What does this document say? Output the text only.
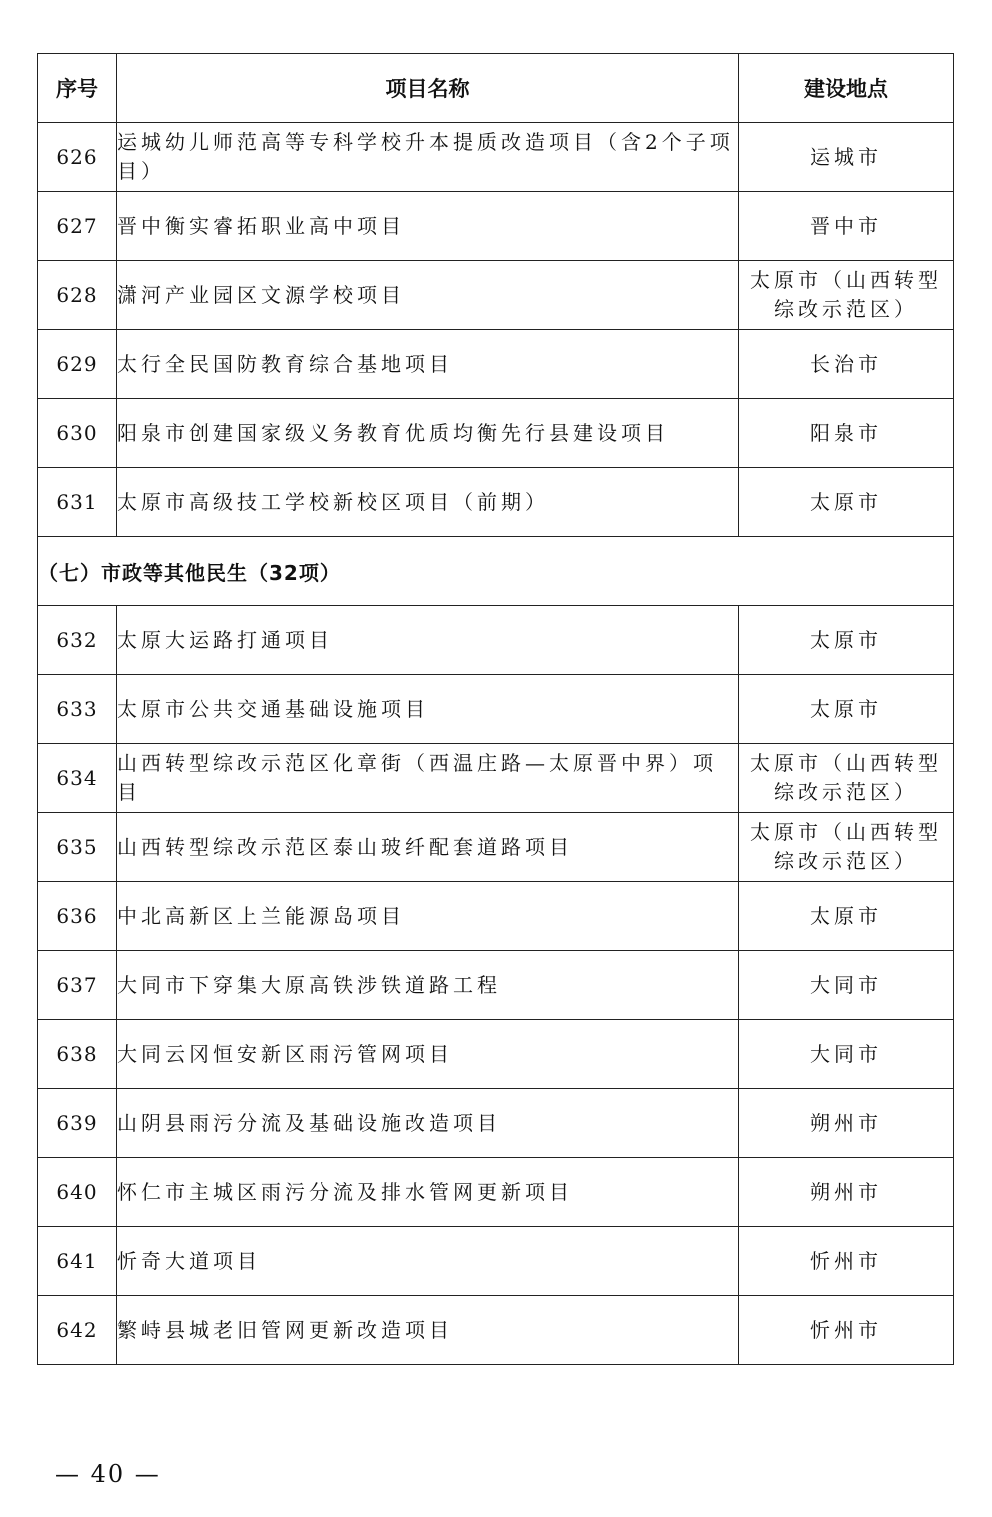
序号	项目名称	建设地点
626	运城幼儿师范高等专科学校升本提质改造项目（含2个子项目）	运城市
627	晋中衡实睿拓职业高中项目	晋中市
628	潇河产业园区文源学校项目	太原市（山西转型综改示范区）
629	太行全民国防教育综合基地项目	长治市
630	阳泉市创建国家级义务教育优质均衡先行县建设项目	阳泉市
631	太原市高级技工学校新校区项目（前期）	太原市
（七）市政等其他民生（32项）		
632	太原大运路打通项目	太原市
633	太原市公共交通基础设施项目	太原市
634	山西转型综改示范区化章街（西温庄路—太原晋中界）项目	太原市（山西转型综改示范区）
635	山西转型综改示范区泰山玻纤配套道路项目	太原市（山西转型综改示范区）
636	中北高新区上兰能源岛项目	太原市
637	大同市下穿集大原高铁涉铁道路工程	大同市
638	大同云冈恒安新区雨污管网项目	大同市
639	山阴县雨污分流及基础设施改造项目	朔州市
640	怀仁市主城区雨污分流及排水管网更新项目	朔州市
641	忻奇大道项目	忻州市
642	繁峙县城老旧管网更新改造项目	忻州市
— 40 —
